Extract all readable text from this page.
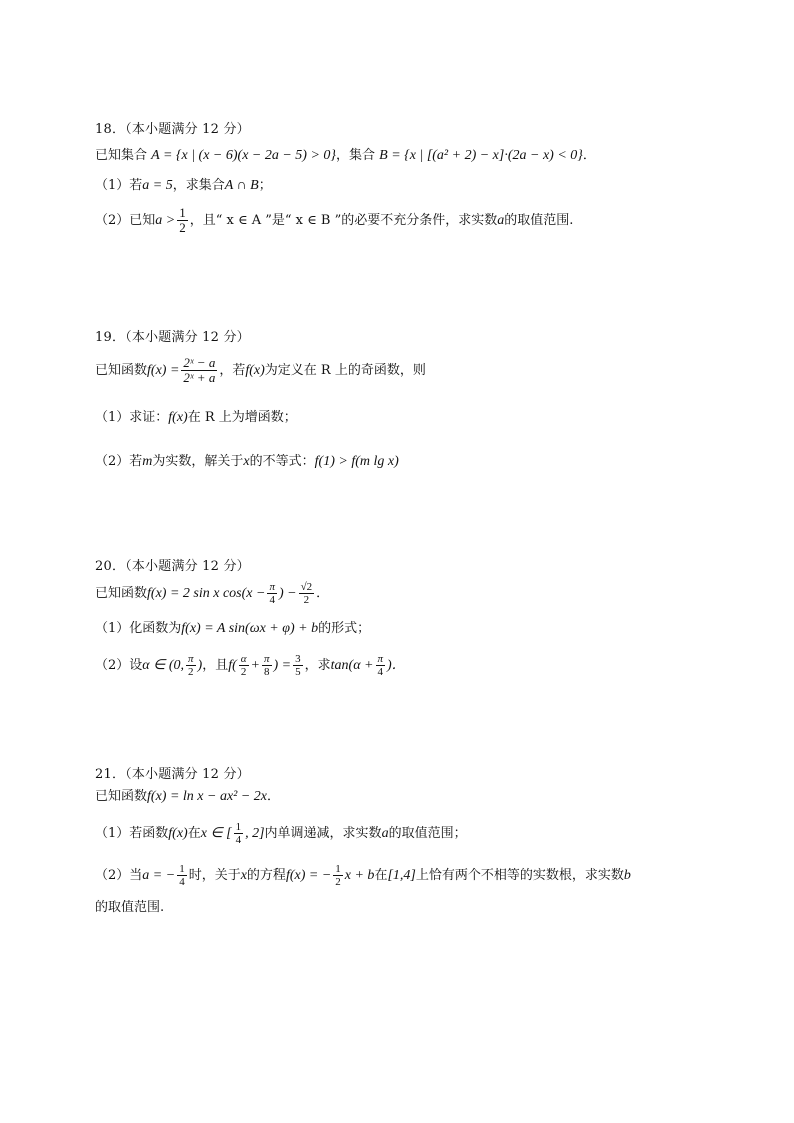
18．（本小题满分 12 分）
已知集合 A = {x | (x − 6)(x − 2a − 5) > 0}，集合 B = {x | [(a² + 2) − x]·(2a − x) < 0}．
（1）若a = 5，求集合A ∩ B；
（2）已知$a > \frac{1}{2}$ ，且“ x ∈ A ”是“ x ∈ B ”的必要不充分条件，求实数a的取值范围.
19．（本小题满分 12 分）
已知函数$f(x) = \frac{\text{2ˣ − a}}{\text{2ˣ + a}}$ ，若f(x)为定义在 R 上的奇函数，则
（1）求证：f(x)在 R 上为增函数；
（2）若m为实数，解关于x的不等式：f(1) > f(m lg x)
20．（本小题满分 12 分）
已知函数f(x) = 2 sin x $\cos(x - \frac{\pi}{4}$ ) − $\frac{√2}{2}$ ．
（1）化函数为f(x) = A sin(ωx + φ) + b的形式；
（2）设α ∈ (0, $\frac{\pi}{2}$ )，且$f( \frac{\alpha}{2} + \frac{\pi}{8}$ ) = $\frac{3}{5}$ ，求$\tan(\alpha + \frac{\pi}{4}$ )．
21．（本小题满分 12 分）
已知函数f(x) = ln x − ax² − 2x．
（1）若函数f(x)在x ∈ [ $\frac{1}{4}$ , 2]内单调递减，求实数a的取值范围；
（2）当a = − $\frac{1}{4}$ 时，关于x的方程f(x) = − $\frac{1}{2}$ x + b在[1,4]上恰有两个不相等的实数根，求实数b
的取值范围.
